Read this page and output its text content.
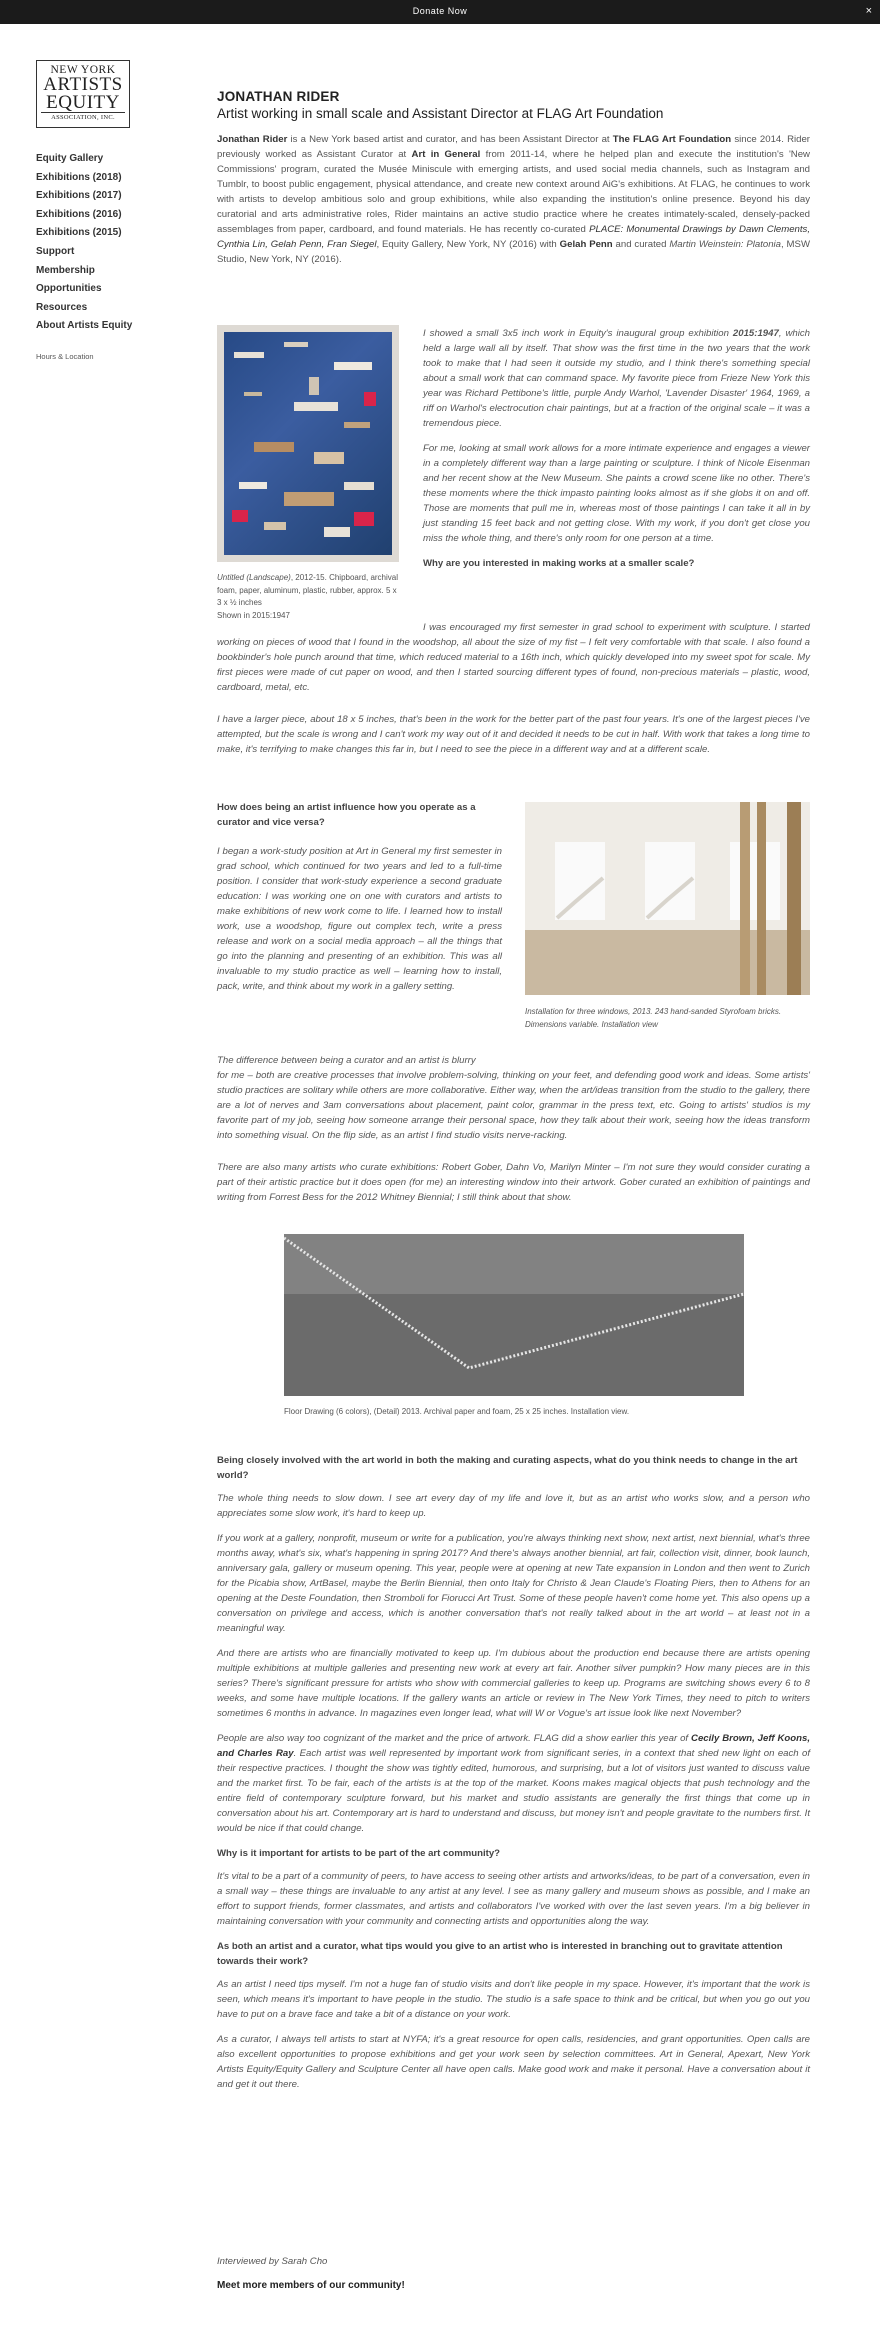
Donate Now	×
NEW YORK
ARTISTS
EQUITY
ASSOCIATION, INC.
Equity Gallery
Exhibitions (2018)
Exhibitions (2017)
Exhibitions (2016)
Exhibitions (2015)
Support
Membership
Opportunities
Resources
About Artists Equity
Hours & Location
JONATHAN RIDER
Artist working in small scale and Assistant Director at FLAG Art Foundation

Jonathan Rider is a New York based artist and curator, and has been Assistant Director at The FLAG Art Foundation since 2014. Rider previously worked as Assistant Curator at Art in General from 2011-14, where he helped plan and execute the institution's 'New Commissions' program, curated the Musée Miniscule with emerging artists, and used social media channels, such as Instagram and Tumblr, to boost public engagement, physical attendance, and create new context around AiG's exhibitions. At FLAG, he continues to work with artists to develop ambitious solo and group exhibitions, while also expanding the institution's online presence. Beyond his day curatorial and arts administrative roles, Rider maintains an active studio practice where he creates intimately-scaled, densely-packed assemblages from paper, cardboard, and found materials. He has recently co-curated PLACE: Monumental Drawings by Dawn Clements, Cynthia Lin, Gelah Penn, Fran Siegel, Equity Gallery, New York, NY (2016) with Gelah Penn and curated Martin Weinstein: Platonia, MSW Studio, New York, NY (2016).

Untitled (Landscape), 2012-15. Chipboard, archival foam, paper, aluminum, plastic, rubber, approx. 5 x 3 x ½ inches
Shown in 2015:1947

I showed a small 3x5 inch work in Equity's inaugural group exhibition 2015:1947, which held a large wall all by itself. That show was the first time in the two years that the work took to make that I had seen it outside my studio, and I think there's something special about a small work that can command space. My favorite piece from Frieze New York this year was Richard Pettibone's little, purple Andy Warhol, 'Lavender Disaster' 1964, 1969, a riff on Warhol's electrocution chair paintings, but at a fraction of the original scale – it was a tremendous piece.

For me, looking at small work allows for a more intimate experience and engages a viewer in a completely different way than a large painting or sculpture. I think of Nicole Eisenman and her recent show at the New Museum. She paints a crowd scene like no other. There's these moments where the thick impasto painting looks almost as if she globs it on and off. Those are moments that pull me in, whereas most of those paintings I can take it all in by just standing 15 feet back and not getting close. With my work, if you don't get close you miss the whole thing, and there's only room for one person at a time.

Why are you interested in making works at a smaller scale?

I was encouraged my first semester in grad school to experiment with sculpture. I started working on pieces of wood that I found in the woodshop, all about the size of my fist – I felt very comfortable with that scale. I also found a bookbinder's hole punch around that time, which reduced material to a 16th inch, which quickly developed into my sweet spot for scale. My first pieces were made of cut paper on wood, and then I started sourcing different types of found, non-precious materials – plastic, wood, cardboard, metal, etc.

I have a larger piece, about 18 x 5 inches, that's been in the work for the better part of the past four years. It's one of the largest pieces I've attempted, but the scale is wrong and I can't work my way out of it and decided it needs to be cut in half. With work that takes a long time to make, it's terrifying to make changes this far in, but I need to see the piece in a different way and at a different scale.

How does being an artist influence how you operate as a curator and vice versa?

I began a work-study position at Art in General my first semester in grad school, which continued for two years and led to a full-time position. I consider that work-study experience a second graduate education: I was working one on one with curators and artists to make exhibitions of new work come to life. I learned how to install work, use a woodshop, figure out complex tech, write a press release and work on a social media approach – all the things that go into the planning and presenting of an exhibition. This was all invaluable to my studio practice as well – learning how to install, pack, write, and think about my work in a gallery setting.

Installation for three windows, 2013. 243 hand-sanded Styrofoam bricks. Dimensions variable. Installation view

The difference between being a curator and an artist is blurry

for me – both are creative processes that involve problem-solving, thinking on your feet, and defending good work and ideas. Some artists' studio practices are solitary while others are more collaborative. Either way, when the art/ideas transition from the studio to the gallery, there are a lot of nerves and 3am conversations about placement, paint color, grammar in the press text, etc. Going to artists' studios is my favorite part of my job, seeing how someone arrange their personal space, how they talk about their work, seeing how the ideas transform into something visual. On the flip side, as an artist I find studio visits nerve-racking.

There are also many artists who curate exhibitions: Robert Gober, Dahn Vo, Marilyn Minter – I'm not sure they would consider curating a part of their artistic practice but it does open (for me) an interesting window into their artwork. Gober curated an exhibition of paintings and writing from Forrest Bess for the 2012 Whitney Biennial; I still think about that show.

Floor Drawing (6 colors), (Detail) 2013. Archival paper and foam, 25 x 25 inches. Installation view.

Being closely involved with the art world in both the making and curating aspects, what do you think needs to change in the art world?

The whole thing needs to slow down. I see art every day of my life and love it, but as an artist who works slow, and a person who appreciates some slow work, it's hard to keep up.

If you work at a gallery, nonprofit, museum or write for a publication, you're always thinking next show, next artist, next biennial, what's three months away, what's six, what's happening in spring 2017? And there's always another biennial, art fair, collection visit, dinner, book launch, anniversary gala, gallery or museum opening. This year, people were at opening at new Tate expansion in London and then went to Zurich for the Picabia show, ArtBasel, maybe the Berlin Biennial, then onto Italy for Christo & Jean Claude's Floating Piers, then to Athens for an opening at the Deste Foundation, then Stromboli for Fiorucci Art Trust. Some of these people haven't come home yet. This also opens up a conversation on privilege and access, which is another conversation that's not really talked about in the art world – at least not in a meaningful way.

And there are artists who are financially motivated to keep up. I'm dubious about the production end because there are artists opening multiple exhibitions at multiple galleries and presenting new work at every art fair. Another silver pumpkin? How many pieces are in this series? There's significant pressure for artists who show with commercial galleries to keep up. Programs are switching shows every 6 to 8 weeks, and some have multiple locations. If the gallery wants an article or review in The New York Times, they need to pitch to writers sometimes 6 months in advance. In magazines even longer lead, what will W or Vogue's art issue look like next November?

People are also way too cognizant of the market and the price of artwork. FLAG did a show earlier this year of Cecily Brown, Jeff Koons, and Charles Ray. Each artist was well represented by important work from significant series, in a context that shed new light on each of their respective practices. I thought the show was tightly edited, humorous, and surprising, but a lot of visitors just wanted to discuss value and the market first. To be fair, each of the artists is at the top of the market. Koons makes magical objects that push technology and the entire field of contemporary sculpture forward, but his market and studio assistants are generally the first things that come up in conversation about his art. Contemporary art is hard to understand and discuss, but money isn't and people gravitate to the numbers first. It would be nice if that could change.

Why is it important for artists to be part of the art community?

It's vital to be a part of a community of peers, to have access to seeing other artists and artworks/ideas, to be part of a conversation, even in a small way – these things are invaluable to any artist at any level. I see as many gallery and museum shows as possible, and I make an effort to support friends, former classmates, and artists and collaborators I've worked with over the last seven years. I'm a big believer in maintaining conversation with your community and connecting artists and opportunities along the way.

As both an artist and a curator, what tips would you give to an artist who is interested in branching out to gravitate attention towards their work?

As an artist I need tips myself. I'm not a huge fan of studio visits and don't like people in my space. However, it's important that the work is seen, which means it's important to have people in the studio. The studio is a safe space to think and be critical, but when you go out you have to put on a brave face and take a bit of a distance on your work.

As a curator, I always tell artists to start at NYFA; it's a great resource for open calls, residencies, and grant opportunities. Open calls are also excellent opportunities to propose exhibitions and get your work seen by selection committees. Art in General, Apexart, New York Artists Equity/Equity Gallery and Sculpture Center all have open calls. Make good work and make it personal. Have a conversation about it and get it out there.

Interviewed by Sarah Cho

Meet more members of our community!
